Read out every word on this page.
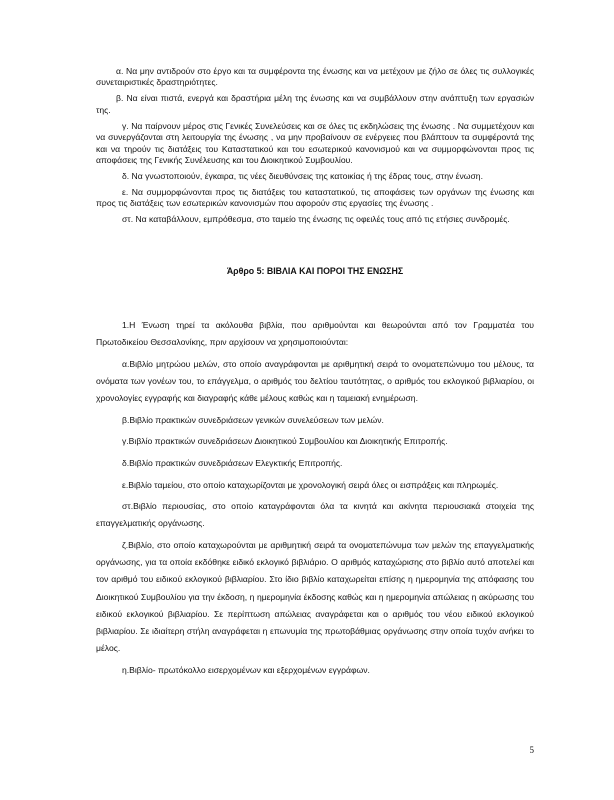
α. Να μην αντιδρούν στο έργο και τα συμφέροντα της ένωσης και να μετέχουν με ζήλο σε όλες τις συλλογικές συνεταιριστικές δραστηριότητες.

β. Να είναι πιστά, ενεργά και δραστήρια μέλη της ένωσης και να συμβάλλουν στην ανάπτυξη των εργασιών της.

γ. Να παίρνουν μέρος στις Γενικές Συνελεύσεις και σε όλες τις εκδηλώσεις της ένωσης . Να συμμετέχουν και να συνεργάζονται στη λειτουργία της ένωσης , να μην προβαίνουν σε ενέργειες που βλάπτουν τα συμφέροντά της και να τηρούν τις διατάξεις του Καταστατικού και του εσωτερικού κανονισμού και να συμμορφώνονται προς τις αποφάσεις της Γενικής Συνέλευσης και του Διοικητικού Συμβουλίου.

δ. Να γνωστοποιούν, έγκαιρα, τις νέες διευθύνσεις της κατοικίας ή της έδρας τους, στην ένωση.

ε. Να συμμορφώνονται προς τις διατάξεις του καταστατικού, τις αποφάσεις των οργάνων της ένωσης και προς τις διατάξεις των εσωτερικών κανονισμών που αφορούν στις εργασίες της ένωσης .

στ. Να καταβάλλουν, εμπρόθεσμα, στο ταμείο της ένωσης τις οφειλές τους από τις ετήσιες συνδρομές.

Άρθρο 5: ΒΙΒΛΙΑ ΚΑΙ ΠΟΡΟΙ ΤΗΣ ΕΝΩΣΗΣ

1.Η Ένωση τηρεί τα ακόλουθα βιβλία, που αριθμούνται και θεωρούνται από τον Γραμματέα του Πρωτοδικείου Θεσσαλονίκης, πριν αρχίσουν να χρησιμοποιούνται:

α.Βιβλίο μητρώου μελών, στο οποίο αναγράφονται με αριθμητική σειρά το ονοματεπώνυμο του μέλους, τα ονόματα των γονέων του, το επάγγελμα, ο αριθμός του δελτίου ταυτότητας, ο αριθμός του εκλογικού βιβλιαρίου, οι χρονολογίες εγγραφής και διαγραφής κάθε μέλους καθώς και η ταμειακή ενημέρωση.

β.Βιβλίο πρακτικών συνεδριάσεων γενικών συνελεύσεων των μελών.

γ.Βιβλίο πρακτικών συνεδριάσεων Διοικητικού Συμβουλίου και Διοικητικής Επιτροπής.

δ.Βιβλίο πρακτικών συνεδριάσεων Ελεγκτικής Επιτροπής.

ε.Βιβλίο ταμείου, στο οποίο καταχωρίζονται με χρονολογική σειρά όλες οι εισπράξεις και πληρωμές.

στ.Βιβλίο περιουσίας, στο οποίο καταγράφονται όλα τα κινητά και ακίνητα περιουσιακά στοιχεία της επαγγελματικής οργάνωσης.

ζ.Βιβλίο, στο οποίο καταχωρούνται με αριθμητική σειρά τα ονοματεπώνυμα των μελών της επαγγελματικής οργάνωσης, για τα οποία εκδόθηκε ειδικό εκλογικό βιβλιάριο. Ο αριθμός καταχώρισης στο βιβλίο αυτό αποτελεί και τον αριθμό του ειδικού εκλογικού βιβλιαρίου. Στο ίδιο βιβλίο καταχωρείται επίσης η ημερομηνία της απόφασης του Διοικητικού Συμβουλίου για την έκδοση, η ημερομηνία έκδοσης καθώς και η ημερομηνία απώλειας η ακύρωσης του ειδικού εκλογικού βιβλιαρίου. Σε περίπτωση απώλειας αναγράφεται και ο αριθμός του νέου ειδικού εκλογικού βιβλιαρίου. Σε ιδιαίτερη στήλη αναγράφεται η επωνυμία της πρωτοβάθμιας οργάνωσης στην οποία τυχόν ανήκει το μέλος.

η.Βιβλίο- πρωτόκολλο εισερχομένων και εξερχομένων εγγράφων.

5
